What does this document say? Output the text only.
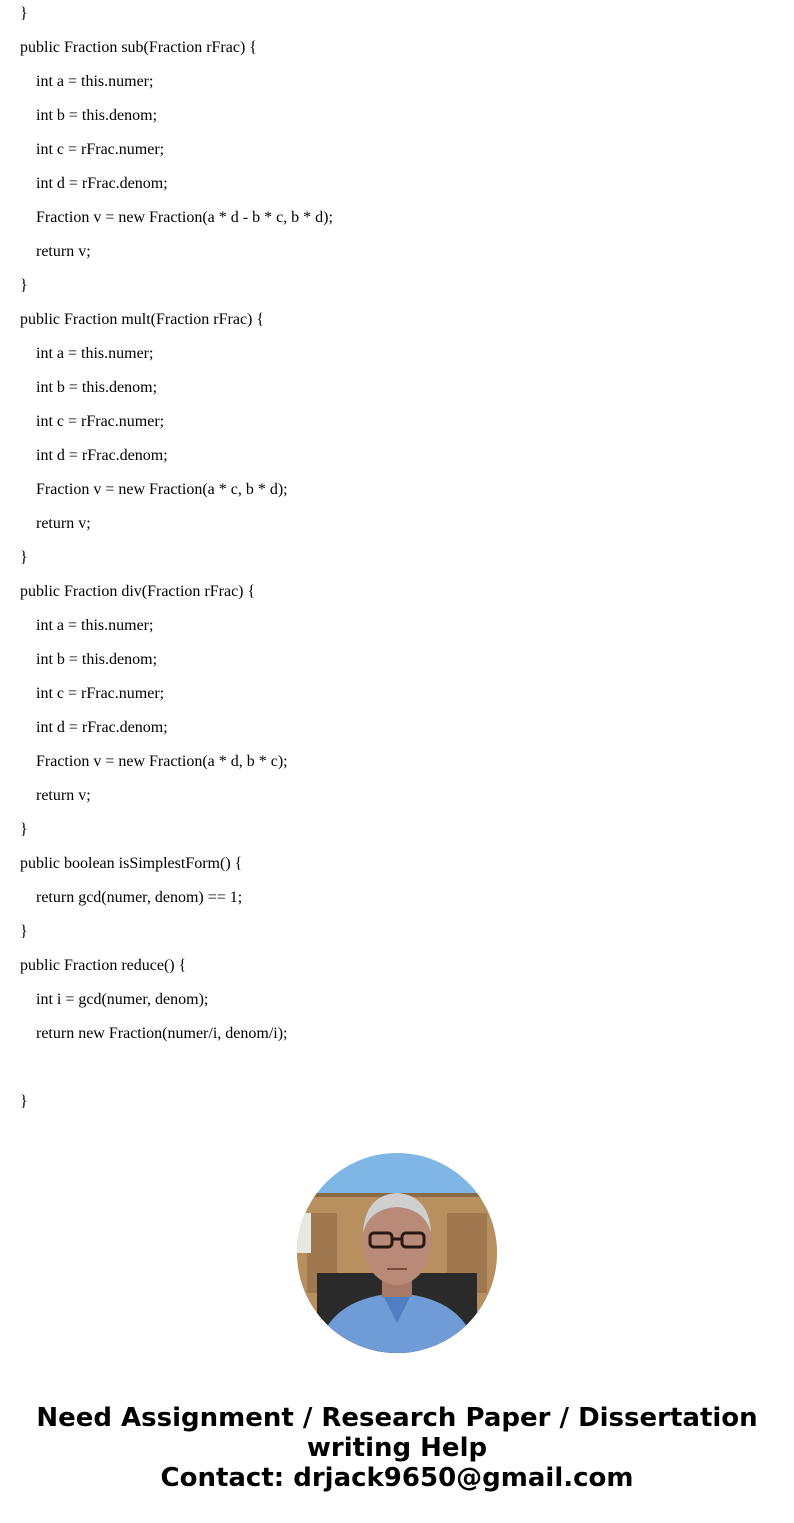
}
public Fraction sub(Fraction rFrac) {
int a = this.numer;
int b = this.denom;
int c = rFrac.numer;
int d = rFrac.denom;
Fraction v = new Fraction(a * d - b * c, b * d);
return v;
}
public Fraction mult(Fraction rFrac) {
int a = this.numer;
int b = this.denom;
int c = rFrac.numer;
int d = rFrac.denom;
Fraction v = new Fraction(a * c, b * d);
return v;
}
public Fraction div(Fraction rFrac) {
int a = this.numer;
int b = this.denom;
int c = rFrac.numer;
int d = rFrac.denom;
Fraction v = new Fraction(a * d, b * c);
return v;
}
public boolean isSimplestForm() {
return gcd(numer, denom) == 1;
}
public Fraction reduce() {
int i = gcd(numer, denom);
return new Fraction(numer/i, denom/i);
}
Need Assignment / Research Paper / Dissertation
writing Help
Contact: drjack9650@gmail.com
